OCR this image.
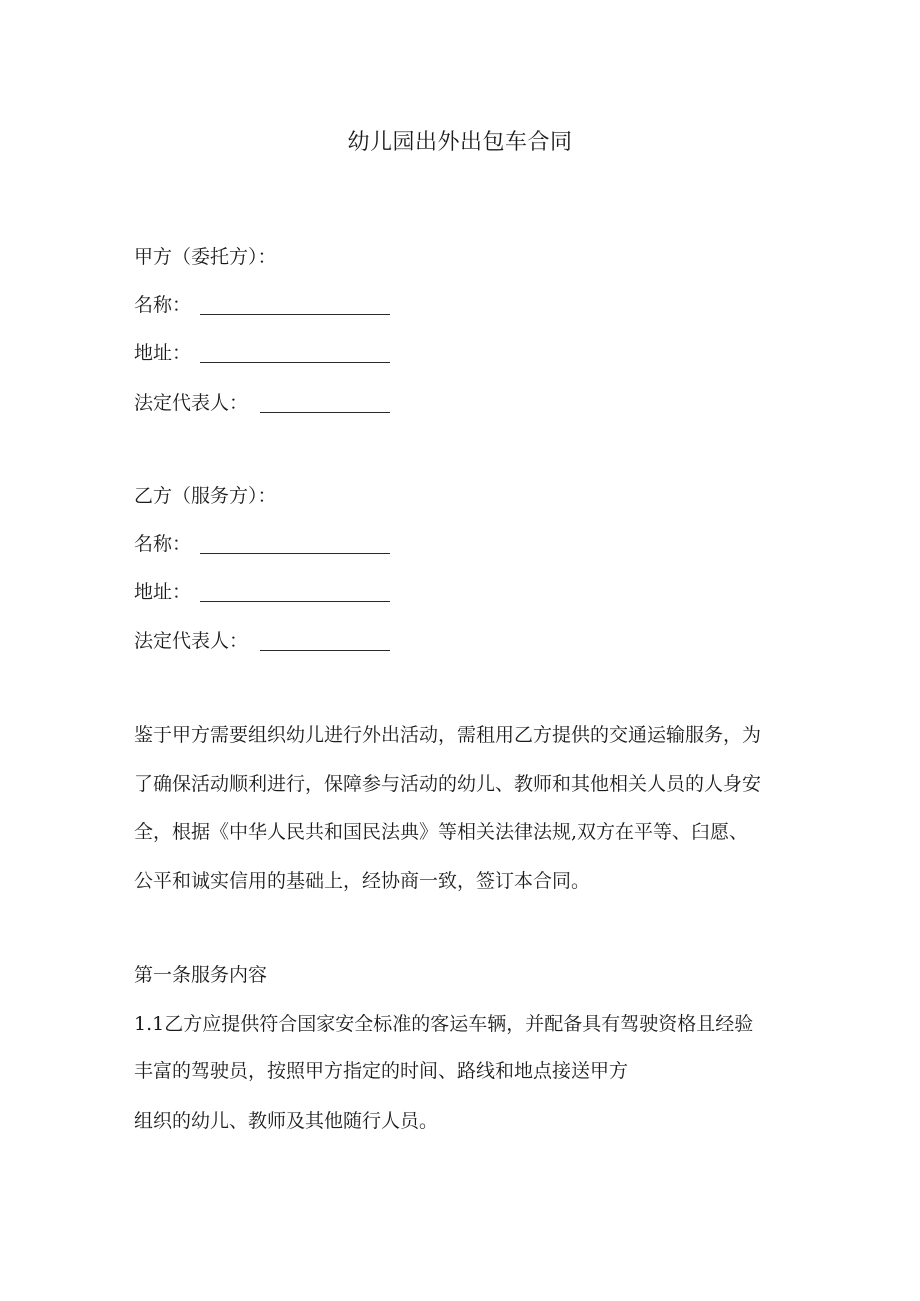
幼儿园出外出包车合同
甲方（委托方）：
名称：
地址：
法定代表人：
乙方（服务方）：
名称：
地址：
法定代表人：
鉴于甲方需要组织幼儿进行外出活动，需租用乙方提供的交通运输服务，为
了确保活动顺利进行，保障参与活动的幼儿、教师和其他相关人员的人身安
全，根据《中华人民共和国民法典》等相关法律法规,双方在平等、臼愿、
公平和诚实信用的基础上，经协商一致，签订本合同。
第一条服务内容
1.1乙方应提供符合国家安全标准的客运车辆，并配备具有驾驶资格且经验
丰富的驾驶员，按照甲方指定的时间、路线和地点接送甲方
组织的幼儿、教师及其他随行人员。
